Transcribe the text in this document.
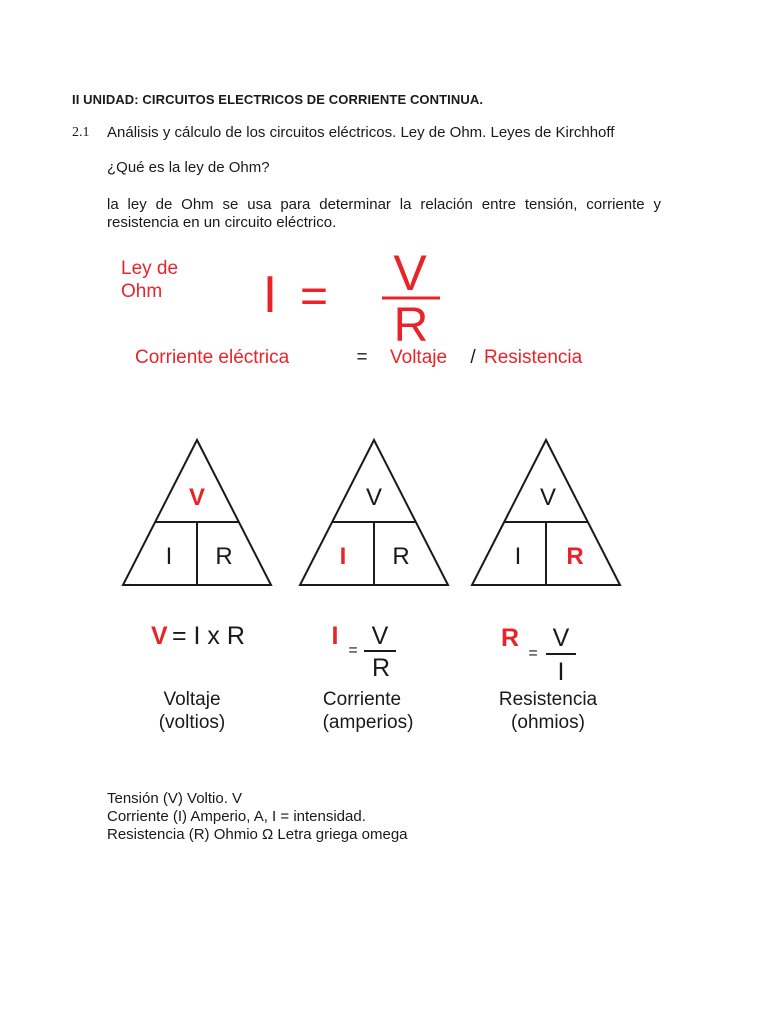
II UNIDAD: CIRCUITOS ELECTRICOS DE CORRIENTE CONTINUA.
2.1 Análisis y cálculo de los circuitos eléctricos. Ley de Ohm. Leyes de Kirchhoff
¿Qué es la ley de Ohm?
la ley de Ohm se usa para determinar la relación entre tensión, corriente y resistencia en un circuito eléctrico.
Ley de
Ohm I = V
R
Corriente eléctrica	= Voltaje / Resistencia
V
I R
V = I x R
Voltaje
(voltios)
V
I R
I
=
V
R
Corriente
(amperios)
V
I R
R
=
V
I
Resistencia
(ohmios)
Tensión (V) Voltio. V
Corriente (I) Amperio, A, I = intensidad.
Resistencia (R) Ohmio Ω Letra griega omega
